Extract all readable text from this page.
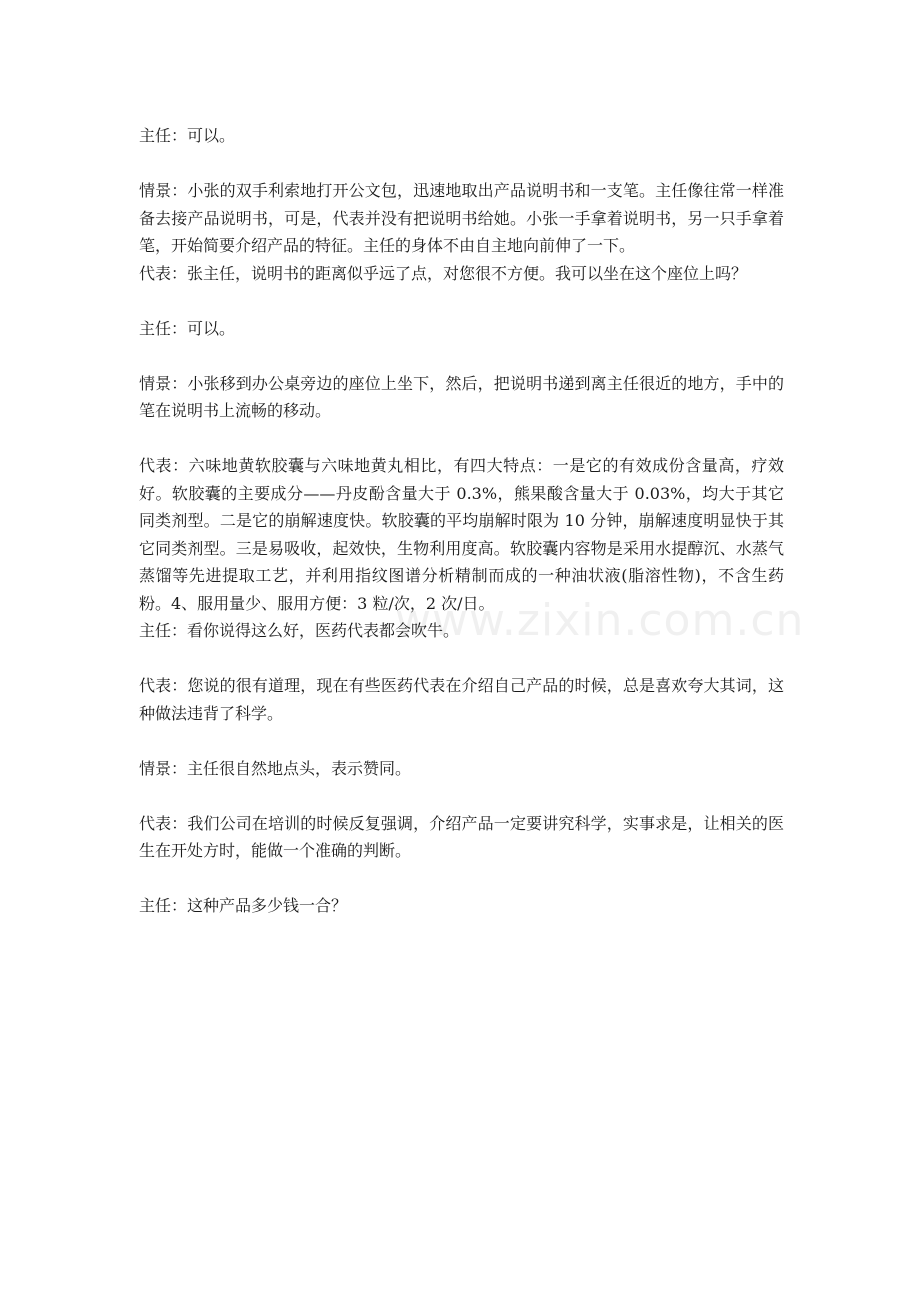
www.zixin.com.cn

主任：可以。

情景：小张的双手利索地打开公文包，迅速地取出产品说明书和一支笔。主任像往常一样准备去接产品说明书，可是，代表并没有把说明书给她。小张一手拿着说明书，另一只手拿着笔，开始简要介绍产品的特征。主任的身体不由自主地向前伸了一下。

代表：张主任，说明书的距离似乎远了点，对您很不方便。我可以坐在这个座位上吗？

主任：可以。

情景：小张移到办公桌旁边的座位上坐下，然后，把说明书递到离主任很近的地方，手中的笔在说明书上流畅的移动。

代表：六味地黄软胶囊与六味地黄丸相比，有四大特点：一是它的有效成份含量高，疗效好。软胶囊的主要成分——丹皮酚含量大于 0.3%，熊果酸含量大于 0.03%，均大于其它同类剂型。二是它的崩解速度快。软胶囊的平均崩解时限为 10 分钟，崩解速度明显快于其它同类剂型。三是易吸收，起效快，生物利用度高。软胶囊内容物是采用水提醇沉、水蒸气蒸馏等先进提取工艺，并利用指纹图谱分析精制而成的一种油状液(脂溶性物)，不含生药粉。4、服用量少、服用方便：3 粒/次，2 次/日。

主任：看你说得这么好，医药代表都会吹牛。

代表：您说的很有道理，现在有些医药代表在介绍自己产品的时候，总是喜欢夸大其词，这种做法违背了科学。

情景：主任很自然地点头，表示赞同。

代表：我们公司在培训的时候反复强调，介绍产品一定要讲究科学，实事求是，让相关的医生在开处方时，能做一个准确的判断。

主任：这种产品多少钱一合？
